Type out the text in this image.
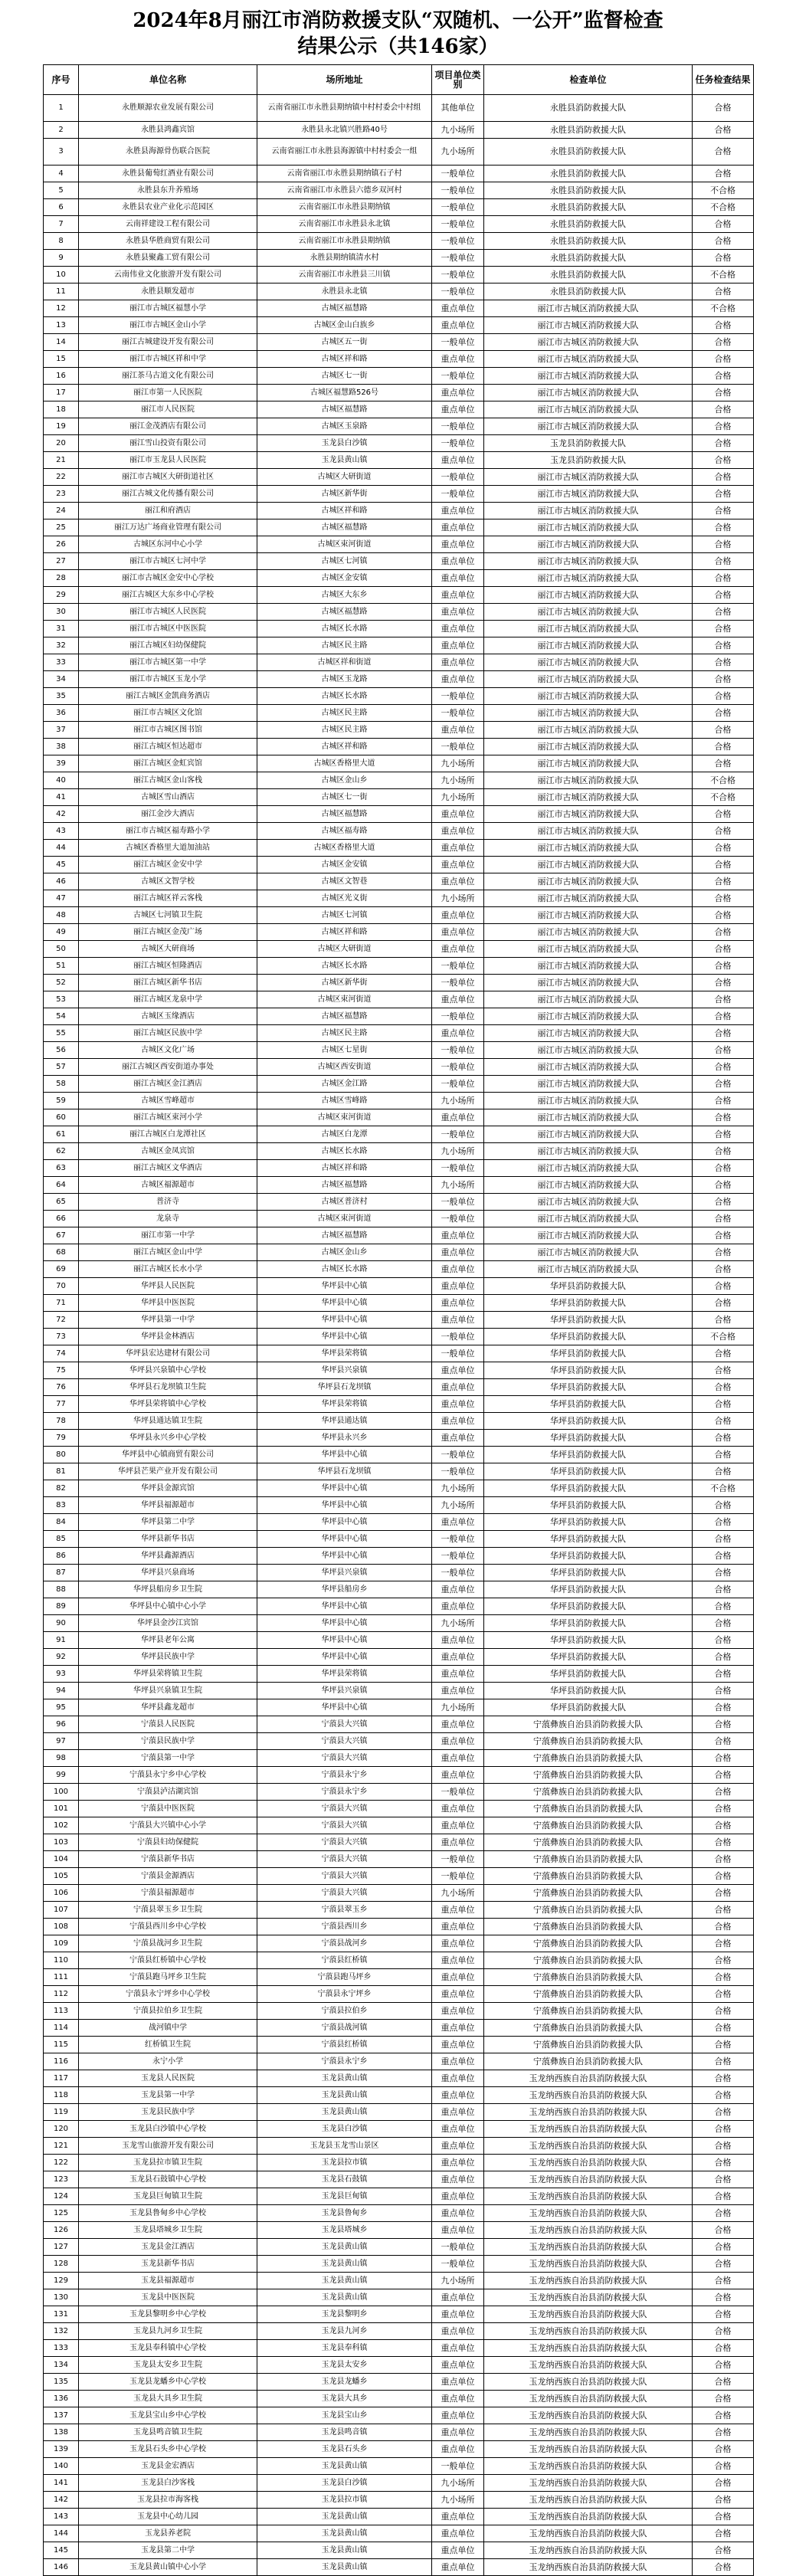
2024年8月丽江市消防救援支队“双随机、一公开”监督检查
结果公示（共146家）
序号	单位名称	场所地址	项目单位类别	检查单位	任务检查结果
1	永胜顺源农业发展有限公司	云南省丽江市永胜县期纳镇中村村委会中村组	其他单位	永胜县消防救援大队	合格
2	永胜县鸿鑫宾馆	永胜县永北镇兴胜路40号	九小场所	永胜县消防救援大队	合格
3	永胜县海源骨伤联合医院	云南省丽江市永胜县海源镇中村村委会一组	九小场所	永胜县消防救援大队	合格
4	永胜县葡萄红酒业有限公司	云南省丽江市永胜县期纳镇石子村	一般单位	永胜县消防救援大队	合格
5	永胜县东升养殖场	云南省丽江市永胜县六德乡双河村	一般单位	永胜县消防救援大队	不合格
6	永胜县农业产业化示范园区	云南省丽江市永胜县期纳镇	一般单位	永胜县消防救援大队	不合格
7	云南祥建设工程有限公司	云南省丽江市永胜县永北镇	一般单位	永胜县消防救援大队	合格
8	永胜县华胜商贸有限公司	云南省丽江市永胜县期纳镇	一般单位	永胜县消防救援大队	合格
9	永胜县聚鑫工贸有限公司	永胜县期纳镇清水村	一般单位	永胜县消防救援大队	合格
10	云南伟业文化旅游开发有限公司	云南省丽江市永胜县三川镇	一般单位	永胜县消防救援大队	不合格
11	永胜县顺发超市	永胜县永北镇	一般单位	永胜县消防救援大队	合格
12	丽江市古城区福慧小学	古城区福慧路	重点单位	丽江市古城区消防救援大队	不合格
13	丽江市古城区金山小学	古城区金山白族乡	重点单位	丽江市古城区消防救援大队	合格
14	丽江古城建设开发有限公司	古城区五一街	一般单位	丽江市古城区消防救援大队	合格
15	丽江市古城区祥和中学	古城区祥和路	重点单位	丽江市古城区消防救援大队	合格
16	丽江茶马古道文化有限公司	古城区七一街	一般单位	丽江市古城区消防救援大队	合格
17	丽江市第一人民医院	古城区福慧路526号	重点单位	丽江市古城区消防救援大队	合格
18	丽江市人民医院	古城区福慧路	重点单位	丽江市古城区消防救援大队	合格
19	丽江金茂酒店有限公司	古城区玉泉路	一般单位	丽江市古城区消防救援大队	合格
20	丽江雪山投资有限公司	玉龙县白沙镇	一般单位	玉龙县消防救援大队	合格
21	丽江市玉龙县人民医院	玉龙县黄山镇	重点单位	玉龙县消防救援大队	合格
22	丽江市古城区大研街道社区	古城区大研街道	一般单位	丽江市古城区消防救援大队	合格
23	丽江古城文化传播有限公司	古城区新华街	一般单位	丽江市古城区消防救援大队	合格
24	丽江和府酒店	古城区祥和路	重点单位	丽江市古城区消防救援大队	合格
25	丽江万达广场商业管理有限公司	古城区福慧路	重点单位	丽江市古城区消防救援大队	合格
26	古城区东河中心小学	古城区束河街道	重点单位	丽江市古城区消防救援大队	合格
27	丽江市古城区七河中学	古城区七河镇	重点单位	丽江市古城区消防救援大队	合格
28	丽江市古城区金安中心学校	古城区金安镇	重点单位	丽江市古城区消防救援大队	合格
29	丽江古城区大东乡中心学校	古城区大东乡	重点单位	丽江市古城区消防救援大队	合格
30	丽江市古城区人民医院	古城区福慧路	重点单位	丽江市古城区消防救援大队	合格
31	丽江市古城区中医医院	古城区长水路	重点单位	丽江市古城区消防救援大队	合格
32	丽江古城区妇幼保健院	古城区民主路	重点单位	丽江市古城区消防救援大队	合格
33	丽江市古城区第一中学	古城区祥和街道	重点单位	丽江市古城区消防救援大队	合格
34	丽江市古城区玉龙小学	古城区玉龙路	重点单位	丽江市古城区消防救援大队	合格
35	丽江古城区金凯商务酒店	古城区长水路	一般单位	丽江市古城区消防救援大队	合格
36	丽江市古城区文化馆	古城区民主路	一般单位	丽江市古城区消防救援大队	合格
37	丽江市古城区图书馆	古城区民主路	重点单位	丽江市古城区消防救援大队	合格
38	丽江古城区恒达超市	古城区祥和路	一般单位	丽江市古城区消防救援大队	合格
39	丽江古城区金虹宾馆	古城区香格里大道	九小场所	丽江市古城区消防救援大队	合格
40	丽江古城区金山客栈	古城区金山乡	九小场所	丽江市古城区消防救援大队	不合格
41	古城区雪山酒店	古城区七一街	九小场所	丽江市古城区消防救援大队	不合格
42	丽江金沙大酒店	古城区福慧路	重点单位	丽江市古城区消防救援大队	合格
43	丽江市古城区福寿路小学	古城区福寿路	重点单位	丽江市古城区消防救援大队	合格
44	古城区香格里大道加油站	古城区香格里大道	重点单位	丽江市古城区消防救援大队	合格
45	丽江古城区金安中学	古城区金安镇	重点单位	丽江市古城区消防救援大队	合格
46	古城区文智学校	古城区文智巷	重点单位	丽江市古城区消防救援大队	合格
47	丽江古城区祥云客栈	古城区光义街	九小场所	丽江市古城区消防救援大队	合格
48	古城区七河镇卫生院	古城区七河镇	重点单位	丽江市古城区消防救援大队	合格
49	丽江古城区金茂广场	古城区祥和路	重点单位	丽江市古城区消防救援大队	合格
50	古城区大研商场	古城区大研街道	重点单位	丽江市古城区消防救援大队	合格
51	丽江古城区恒隆酒店	古城区长水路	一般单位	丽江市古城区消防救援大队	合格
52	丽江古城区新华书店	古城区新华街	一般单位	丽江市古城区消防救援大队	合格
53	丽江古城区龙泉中学	古城区束河街道	重点单位	丽江市古城区消防救援大队	合格
54	古城区玉缘酒店	古城区福慧路	一般单位	丽江市古城区消防救援大队	合格
55	丽江古城区民族中学	古城区民主路	重点单位	丽江市古城区消防救援大队	合格
56	古城区文化广场	古城区七星街	一般单位	丽江市古城区消防救援大队	合格
57	丽江古城区西安街道办事处	古城区西安街道	一般单位	丽江市古城区消防救援大队	合格
58	丽江古城区金江酒店	古城区金江路	一般单位	丽江市古城区消防救援大队	合格
59	古城区雪峰超市	古城区雪峰路	九小场所	丽江市古城区消防救援大队	合格
60	丽江古城区束河小学	古城区束河街道	重点单位	丽江市古城区消防救援大队	合格
61	丽江古城区白龙潭社区	古城区白龙潭	一般单位	丽江市古城区消防救援大队	合格
62	古城区金凤宾馆	古城区长水路	九小场所	丽江市古城区消防救援大队	合格
63	丽江古城区文华酒店	古城区祥和路	一般单位	丽江市古城区消防救援大队	合格
64	古城区福源超市	古城区福慧路	九小场所	丽江市古城区消防救援大队	合格
65	普济寺	古城区普济村	一般单位	丽江市古城区消防救援大队	合格
66	龙泉寺	古城区束河街道	一般单位	丽江市古城区消防救援大队	合格
67	丽江市第一中学	古城区福慧路	重点单位	丽江市古城区消防救援大队	合格
68	丽江古城区金山中学	古城区金山乡	重点单位	丽江市古城区消防救援大队	合格
69	丽江古城区长水小学	古城区长水路	重点单位	丽江市古城区消防救援大队	合格
70	华坪县人民医院	华坪县中心镇	重点单位	华坪县消防救援大队	合格
71	华坪县中医医院	华坪县中心镇	重点单位	华坪县消防救援大队	合格
72	华坪县第一中学	华坪县中心镇	重点单位	华坪县消防救援大队	合格
73	华坪县金林酒店	华坪县中心镇	一般单位	华坪县消防救援大队	不合格
74	华坪县宏达建材有限公司	华坪县荣将镇	一般单位	华坪县消防救援大队	合格
75	华坪县兴泉镇中心学校	华坪县兴泉镇	重点单位	华坪县消防救援大队	合格
76	华坪县石龙坝镇卫生院	华坪县石龙坝镇	重点单位	华坪县消防救援大队	合格
77	华坪县荣将镇中心学校	华坪县荣将镇	重点单位	华坪县消防救援大队	合格
78	华坪县通达镇卫生院	华坪县通达镇	重点单位	华坪县消防救援大队	合格
79	华坪县永兴乡中心学校	华坪县永兴乡	重点单位	华坪县消防救援大队	合格
80	华坪县中心镇商贸有限公司	华坪县中心镇	一般单位	华坪县消防救援大队	合格
81	华坪县芒果产业开发有限公司	华坪县石龙坝镇	一般单位	华坪县消防救援大队	合格
82	华坪县金源宾馆	华坪县中心镇	九小场所	华坪县消防救援大队	不合格
83	华坪县福源超市	华坪县中心镇	九小场所	华坪县消防救援大队	合格
84	华坪县第二中学	华坪县中心镇	重点单位	华坪县消防救援大队	合格
85	华坪县新华书店	华坪县中心镇	一般单位	华坪县消防救援大队	合格
86	华坪县鑫源酒店	华坪县中心镇	一般单位	华坪县消防救援大队	合格
87	华坪县兴泉商场	华坪县兴泉镇	一般单位	华坪县消防救援大队	合格
88	华坪县船房乡卫生院	华坪县船房乡	重点单位	华坪县消防救援大队	合格
89	华坪县中心镇中心小学	华坪县中心镇	重点单位	华坪县消防救援大队	合格
90	华坪县金沙江宾馆	华坪县中心镇	九小场所	华坪县消防救援大队	合格
91	华坪县老年公寓	华坪县中心镇	重点单位	华坪县消防救援大队	合格
92	华坪县民族中学	华坪县中心镇	重点单位	华坪县消防救援大队	合格
93	华坪县荣将镇卫生院	华坪县荣将镇	重点单位	华坪县消防救援大队	合格
94	华坪县兴泉镇卫生院	华坪县兴泉镇	重点单位	华坪县消防救援大队	合格
95	华坪县鑫龙超市	华坪县中心镇	九小场所	华坪县消防救援大队	合格
96	宁蒗县人民医院	宁蒗县大兴镇	重点单位	宁蒗彝族自治县消防救援大队	合格
97	宁蒗县民族中学	宁蒗县大兴镇	重点单位	宁蒗彝族自治县消防救援大队	合格
98	宁蒗县第一中学	宁蒗县大兴镇	重点单位	宁蒗彝族自治县消防救援大队	合格
99	宁蒗县永宁乡中心学校	宁蒗县永宁乡	重点单位	宁蒗彝族自治县消防救援大队	合格
100	宁蒗县泸沽湖宾馆	宁蒗县永宁乡	一般单位	宁蒗彝族自治县消防救援大队	合格
101	宁蒗县中医医院	宁蒗县大兴镇	重点单位	宁蒗彝族自治县消防救援大队	合格
102	宁蒗县大兴镇中心小学	宁蒗县大兴镇	重点单位	宁蒗彝族自治县消防救援大队	合格
103	宁蒗县妇幼保健院	宁蒗县大兴镇	重点单位	宁蒗彝族自治县消防救援大队	合格
104	宁蒗县新华书店	宁蒗县大兴镇	一般单位	宁蒗彝族自治县消防救援大队	合格
105	宁蒗县金源酒店	宁蒗县大兴镇	一般单位	宁蒗彝族自治县消防救援大队	合格
106	宁蒗县福源超市	宁蒗县大兴镇	九小场所	宁蒗彝族自治县消防救援大队	合格
107	宁蒗县翠玉乡卫生院	宁蒗县翠玉乡	重点单位	宁蒗彝族自治县消防救援大队	合格
108	宁蒗县西川乡中心学校	宁蒗县西川乡	重点单位	宁蒗彝族自治县消防救援大队	合格
109	宁蒗县战河乡卫生院	宁蒗县战河乡	重点单位	宁蒗彝族自治县消防救援大队	合格
110	宁蒗县红桥镇中心学校	宁蒗县红桥镇	重点单位	宁蒗彝族自治县消防救援大队	合格
111	宁蒗县跑马坪乡卫生院	宁蒗县跑马坪乡	重点单位	宁蒗彝族自治县消防救援大队	合格
112	宁蒗县永宁坪乡中心学校	宁蒗县永宁坪乡	重点单位	宁蒗彝族自治县消防救援大队	合格
113	宁蒗县拉伯乡卫生院	宁蒗县拉伯乡	重点单位	宁蒗彝族自治县消防救援大队	合格
114	战河镇中学	宁蒗县战河镇	重点单位	宁蒗彝族自治县消防救援大队	合格
115	红桥镇卫生院	宁蒗县红桥镇	重点单位	宁蒗彝族自治县消防救援大队	合格
116	永宁小学	宁蒗县永宁乡	重点单位	宁蒗彝族自治县消防救援大队	合格
117	玉龙县人民医院	玉龙县黄山镇	重点单位	玉龙纳西族自治县消防救援大队	合格
118	玉龙县第一中学	玉龙县黄山镇	重点单位	玉龙纳西族自治县消防救援大队	合格
119	玉龙县民族中学	玉龙县黄山镇	重点单位	玉龙纳西族自治县消防救援大队	合格
120	玉龙县白沙镇中心学校	玉龙县白沙镇	重点单位	玉龙纳西族自治县消防救援大队	合格
121	玉龙雪山旅游开发有限公司	玉龙县玉龙雪山景区	重点单位	玉龙纳西族自治县消防救援大队	合格
122	玉龙县拉市镇卫生院	玉龙县拉市镇	重点单位	玉龙纳西族自治县消防救援大队	合格
123	玉龙县石鼓镇中心学校	玉龙县石鼓镇	重点单位	玉龙纳西族自治县消防救援大队	合格
124	玉龙县巨甸镇卫生院	玉龙县巨甸镇	重点单位	玉龙纳西族自治县消防救援大队	合格
125	玉龙县鲁甸乡中心学校	玉龙县鲁甸乡	重点单位	玉龙纳西族自治县消防救援大队	合格
126	玉龙县塔城乡卫生院	玉龙县塔城乡	重点单位	玉龙纳西族自治县消防救援大队	合格
127	玉龙县金江酒店	玉龙县黄山镇	一般单位	玉龙纳西族自治县消防救援大队	合格
128	玉龙县新华书店	玉龙县黄山镇	一般单位	玉龙纳西族自治县消防救援大队	合格
129	玉龙县福源超市	玉龙县黄山镇	九小场所	玉龙纳西族自治县消防救援大队	合格
130	玉龙县中医医院	玉龙县黄山镇	重点单位	玉龙纳西族自治县消防救援大队	合格
131	玉龙县黎明乡中心学校	玉龙县黎明乡	重点单位	玉龙纳西族自治县消防救援大队	合格
132	玉龙县九河乡卫生院	玉龙县九河乡	重点单位	玉龙纳西族自治县消防救援大队	合格
133	玉龙县奉科镇中心学校	玉龙县奉科镇	重点单位	玉龙纳西族自治县消防救援大队	合格
134	玉龙县太安乡卫生院	玉龙县太安乡	重点单位	玉龙纳西族自治县消防救援大队	合格
135	玉龙县龙蟠乡中心学校	玉龙县龙蟠乡	重点单位	玉龙纳西族自治县消防救援大队	合格
136	玉龙县大具乡卫生院	玉龙县大具乡	重点单位	玉龙纳西族自治县消防救援大队	合格
137	玉龙县宝山乡中心学校	玉龙县宝山乡	重点单位	玉龙纳西族自治县消防救援大队	合格
138	玉龙县鸣音镇卫生院	玉龙县鸣音镇	重点单位	玉龙纳西族自治县消防救援大队	合格
139	玉龙县石头乡中心学校	玉龙县石头乡	重点单位	玉龙纳西族自治县消防救援大队	合格
140	玉龙县金宏酒店	玉龙县黄山镇	一般单位	玉龙纳西族自治县消防救援大队	合格
141	玉龙县白沙客栈	玉龙县白沙镇	九小场所	玉龙纳西族自治县消防救援大队	合格
142	玉龙县拉市海客栈	玉龙县拉市镇	九小场所	玉龙纳西族自治县消防救援大队	合格
143	玉龙县中心幼儿园	玉龙县黄山镇	重点单位	玉龙纳西族自治县消防救援大队	合格
144	玉龙县养老院	玉龙县黄山镇	重点单位	玉龙纳西族自治县消防救援大队	合格
145	玉龙县第二中学	玉龙县黄山镇	重点单位	玉龙纳西族自治县消防救援大队	合格
146	玉龙县黄山镇中心小学	玉龙县黄山镇	重点单位	玉龙纳西族自治县消防救援大队	合格
